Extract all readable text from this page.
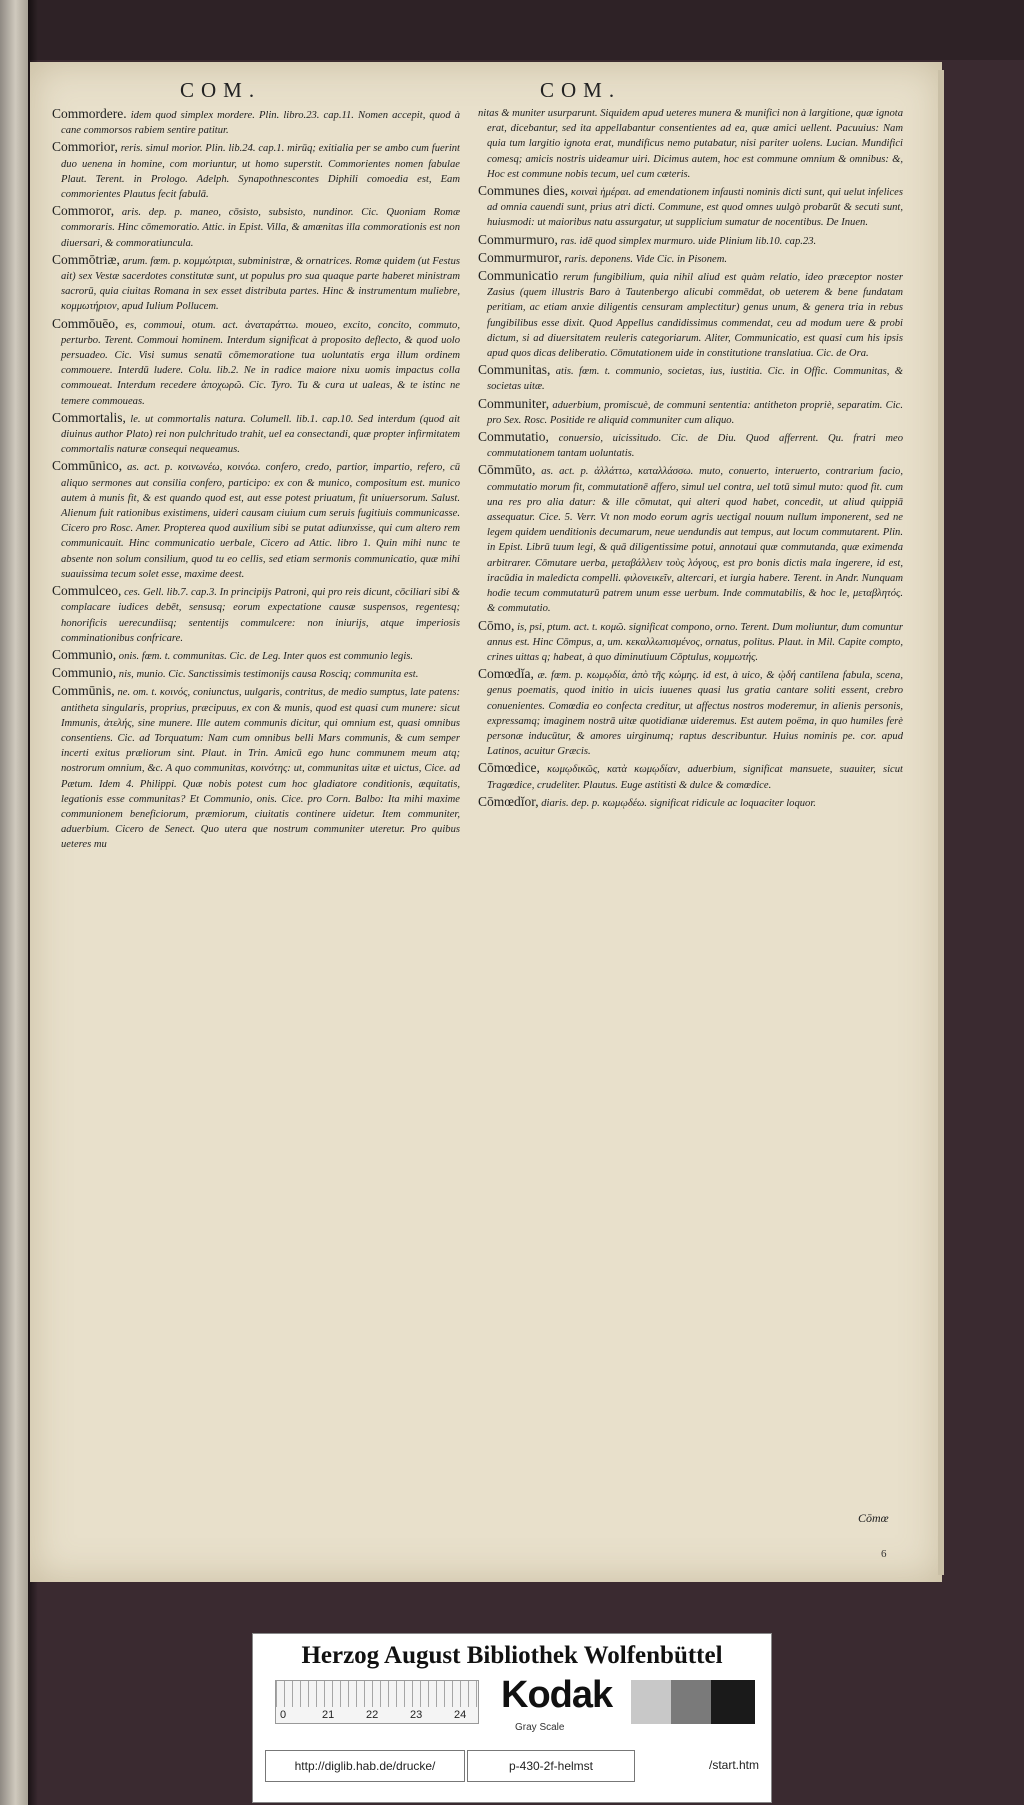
COM.	COM.
Commordere. idem quod simplex mordere. Plin. libro.23. cap.11. Nomen accepit, quod à cane commorsos rabiem sentire patitur.
Commorior, reris. simul morior. Plin. lib.24. cap.1. mirūq; exitialia per se ambo cum fuerint duo uenena in homine, com moriuntur, ut homo superstit. Commorientes nomen fabulae Plaut. Terent. in Prologo. Adelph. Synapothnescontes Diphili comoedia est, Eam commorientes Plautus fecit fabulā.
Commoror, aris. dep. p. maneo, cōsisto, subsisto, nundinor. Cic. Quoniam Romæ commoraris. Hinc cōmemoratio. Attic. in Epist. Villa, & amœnitas illa commorationis est non diuersari, & commoratiuncula.
Commōtriæ, arum. fœm. p. κομμώτριαι, subministræ, & ornatrices. Romæ quidem (ut Festus ait) sex Vestæ sacerdotes constitutæ sunt, ut populus pro sua quaque parte haberet ministram sacrorū, quia ciuitas Romana in sex esset distributa partes. Hinc & instrumentum muliebre, κομμωτήριον, apud Iulium Pollucem.
Commōuēo, es, commoui, otum. act. ἀναταράττω. moueo, excito, concito, commuto, perturbo. Terent. Commoui hominem. Interdum significat à proposito deflecto, & quod uolo persuadeo. Cic. Visi sumus senatū cōmemoratione tua uoluntatis erga illum ordinem commouere. Interdū ludere. Colu. lib.2. Ne in radice maiore nixu uomis impactus colla commoueat. Interdum recedere ἀποχωρῶ. Cic. Tyro. Tu & cura ut ualeas, & te istinc ne temere commoueas.
Commortalis, le. ut commortalis natura. Columell. lib.1. cap.10. Sed interdum (quod ait diuinus author Plato) rei non pulchritudo trahit, uel ea consectandi, quæ propter infirmitatem commortalis naturæ consequi nequeamus.
Commūnico, as. act. p. κοινωνέω, κοινόω. confero, credo, partior, impartio, refero, cū aliquo sermones aut consilia confero, participo: ex con & munico, compositum est. munico autem à munis fit, & est quando quod est, aut esse potest priuatum, fit uniuersorum. Salust. Alienum fuit rationibus existimens, uideri causam ciuium cum seruis fugitiuis communicasse. Cicero pro Rosc. Amer. Propterea quod auxilium sibi se putat adiunxisse, qui cum altero rem communicauit. Hinc communicatio uerbale, Cicero ad Attic. libro 1. Quin mihi nunc te absente non solum consilium, quod tu eo cellis, sed etiam sermonis communicatio, quæ mihi suauissima tecum solet esse, maxime deest.
Commulceo, ces. Gell. lib.7. cap.3. In principijs Patroni, qui pro reis dicunt, cōciliari sibi & complacare iudices debēt, sensusq; eorum expectatione causæ suspensos, regentesq; honorificis uerecundiisq; sententijs commulcere: non iniurijs, atque imperiosis comminationibus confricare.
Communio, onis. fœm. t. communitas. Cic. de Leg. Inter quos est communio legis.
Communio, nis, munio. Cic. Sanctissimis testimonijs causa Rosciq; communita est.
Commūnis, ne. om. t. κοινός, coniunctus, uulgaris, contritus, de medio sumptus, late patens: antitheta singularis, proprius, præcipuus, ex con & munis, quod est quasi cum munere: sicut Immunis, ἀτελής, sine munere. Ille autem communis dicitur, qui omnium est, quasi omnibus consentiens. Cic. ad Torquatum: Nam cum omnibus belli Mars communis, & cum semper incerti exitus præliorum sint. Plaut. in Trin. Amicū ego hunc communem meum atq; nostrorum omnium, &c. A quo communitas, κοινότης: ut, communitas uitæ et uictus, Cice. ad Pætum. Idem 4. Philippi. Quæ nobis potest cum hoc gladiatore conditionis, æquitatis, legationis esse communitas? Et Communio, onis. Cice. pro Corn. Balbo: Ita mihi maxime communionem beneficiorum, præmiorum, ciuitatis continere uidetur. Item communiter, aduerbium. Cicero de Senect. Quo utera que nostrum communiter uteretur. Pro quibus ueteres mu
nitas & muniter usurparunt. Siquidem apud ueteres munera & munifici non à largitione, quæ ignota erat, dicebantur, sed ita appellabantur consentientes ad ea, quæ amici uellent. Pacuuius: Nam quia tum largitio ignota erat, mundificus nemo putabatur, nisi pariter uolens. Lucian. Mundifici comesq; amicis nostris uideamur uiri. Dicimus autem, hoc est commune omnium & omnibus: &, Hoc est commune nobis tecum, uel cum cæteris.
Communes dies, κοιναὶ ἡμέραι. ad emendationem infausti nominis dicti sunt, qui uelut infelices ad omnia cauendi sunt, prius atri dicti. Commune, est quod omnes uulgò probarūt & secuti sunt, huiusmodi: ut maioribus natu assurgatur, ut supplicium sumatur de nocentibus. De Inuen.
Commurmuro, ras. idē quod simplex murmuro. uide Plinium lib.10. cap.23.
Commurmuror, raris. deponens. Vide Cic. in Pisonem.
Communicatio rerum fungibilium, quia nihil aliud est quàm relatio, ideo præceptor noster Zasius (quem illustris Baro à Tautenbergo alicubi commēdat, ob ueterem & bene fundatam peritiam, ac etiam anxie diligentis censuram amplectitur) genus unum, & genera tria in rebus fungibilibus esse dixit. Quod Appellus candidissimus commendat, ceu ad modum uere & probi dictum, si ad diuersitatem reuleris categoriarum. Aliter, Communicatio, est quasi cum his ipsis apud quos dicas deliberatio. Cōmutationem uide in constitutione translatiua. Cic. de Ora.
Communitas, atis. fœm. t. communio, societas, ius, iustitia. Cic. in Offic. Communitas, & societas uitæ.
Communiter, aduerbium, promiscuè, de communi sententia: antitheton propriè, separatim. Cic. pro Sex. Rosc. Positide re aliquid communiter cum aliquo.
Commutatio, conuersio, uicissitudo. Cic. de Diu. Quod afferrent. Qu. fratri meo commutationem tantam uoluntatis.
Cōmmūto, as. act. p. ἀλλάττω, καταλλάσσω. muto, conuerto, interuerto, contrarium facio, commutatio morum fit, commutationē affero, simul uel contra, uel totū simul muto: quod fit. cum una res pro alia datur: & ille cōmutat, qui alteri quod habet, concedit, ut aliud quippiā assequatur. Cice. 5. Verr. Vt non modo eorum agris uectigal nouum nullum imponerent, sed ne legem quidem uenditionis decumarum, neue uendundis aut tempus, aut locum commutarent. Plin. in Epist. Librū tuum legi, & quā diligentissime potui, annotaui quæ commutanda, quæ eximenda arbitrarer. Cōmutare uerba, μεταβάλλειν τοὺς λόγους, est pro bonis dictis mala ingerere, id est, iracūdia in maledicta compelli. φιλονεικεῖν, altercari, et iurgia habere. Terent. in Andr. Nunquam hodie tecum commutaturū patrem unum esse uerbum. Inde commutabilis, & hoc le, μεταβλητός. & commutatio.
Cōmo, is, psi, ptum. act. t. κομῶ. significat compono, orno. Terent. Dum moliuntur, dum comuntur annus est. Hinc Cōmpus, a, um. κεκαλλωπισμένος, ornatus, politus. Plaut. in Mil. Capite compto, crines uittas q; habeat, à quo diminutiuum Cōptulus, κομμωτής.
Comœdĭa, æ. fœm. p. κωμῳδία, ἀπὸ τῆς κώμης. id est, à uico, & ᾠδή cantilena fabula, scena, genus poematis, quod initio in uicis iuuenes quasi lus gratia cantare soliti essent, crebro conuenientes. Comœdia eo confecta creditur, ut affectus nostros moderemur, in alienis personis, expressamq; imaginem nostrā uitæ quotidianæ uideremus. Est autem poëma, in quo humiles ferè personæ inducūtur, & amores uirginumq; raptus describuntur. Huius nominis pe. cor. apud Latinos, acuitur Græcis.
Cōmœdice, κωμῳδικῶς, κατὰ κωμῳδίαν, aduerbium, significat mansuete, suauiter, sicut Tragœdice, crudeliter. Plautus. Euge astitisti & dulce & comœdice.
Cōmœdĭor, diaris. dep. p. κωμῳδέω. significat ridicule ac loquaciter loquor.
Cōmœ
6
Herzog August Bibliothek Wolfenbüttel
0	21	22	23	24 Kodak
Gray Scale
http://diglib.hab.de/drucke/	p-430-2f-helmst	/start.htm
